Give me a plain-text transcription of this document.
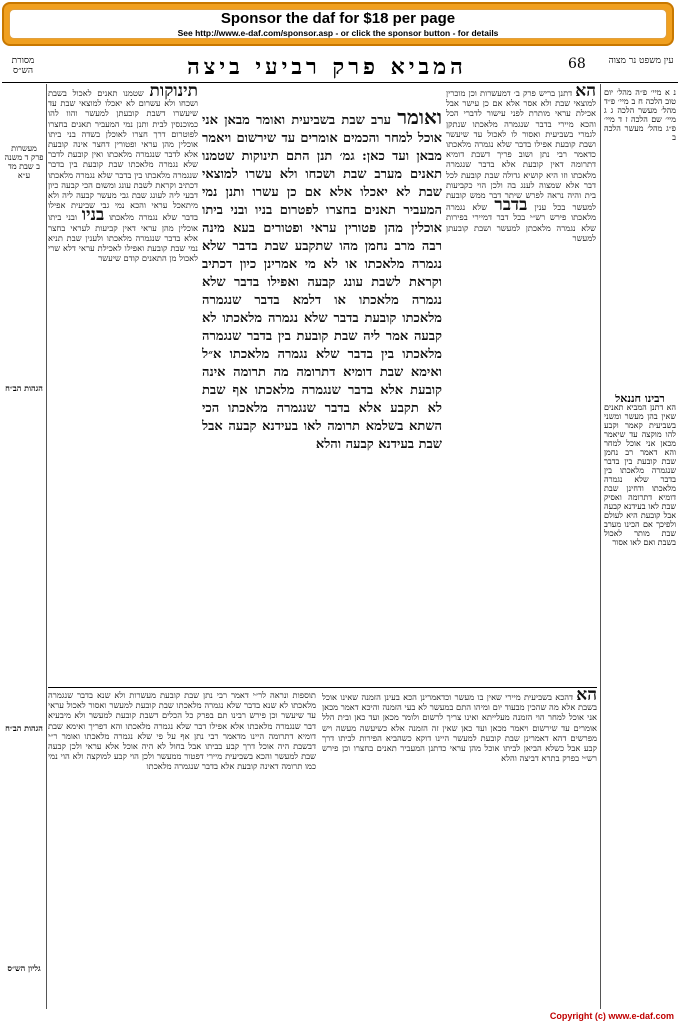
Sponsor the daf for $18 per page
See http://www.e-daf.com/sponsor.asp - or click the sponsor button - for details
מסורת הש״ס	המביא פרק רביעי ביצה	68	עין משפט נר מצוה
מעשרות פרק ד משנה ב שבת מד ע״א
הגהות הב״ח
הגהות הב״ח
גליון הש״ס
תינוקות שטמנו תאנים לאכול בשבת ושכחו ולא עשרום לא יאכלו למוצאי שבת עד שיעשרו דשבת קובעתן למעשר והוו להו כמוכנסין לבית ותנן נמי המעביר תאנים בחצרו לפוטרום דרך חצרו לאוכלן בשדה בני ביתו אוכלין מהן עראי ופטורין דחצר אינה קובעת אלא לדבר שנגמרה מלאכתו ואין קובעת לדבר שלא נגמרה מלאכתו שבת קובעת בין בדבר שנגמרה מלאכתו בין בדבר שלא נגמרה מלאכתו דכתיב וקראת לשבת עונג ומשום הכי קבעה כיון דבעי ליה לעונג שבת גבי מעשר קבעה ליה ולא מיתאכל עראי והכא נמי גבי שביעית אפילו בדבר שלא נגמרה מלאכתו בניו ובני ביתו אוכלין מהן עראי דאין קביעות לעראי בחצר אלא בדבר שנגמרה מלאכתו ולענין שבת תניא נמי שבת קובעת ואפילו לאכילת עראי דלא שרי לאכול מן התאנים קודם שיעשר
ואומר ערב שבת בשביעית ואומר מבאן אני אוכל למחר והכמים אומרים עד שירשום ויאמר מבאן ועד כאן: גמ׳ תנן התם תינוקות שטמנו תאנים מערב שבת ושכחו ולא עשרו למוצאי שבת לא יאכלו אלא אם כן עשרו ותנן נמי המעביר תאנים בחצרו לפטרום בניו ובני ביתו אוכלין מהן פטורין עראי ופטורים בעא מינה רבה מרב נחמן מהו שתקבע שבת בדבר שלא נגמרה מלאכתו או לא מי אמרינן כיון דכתיב וקראת לשבת עונג קבעה ואפילו בדבר שלא נגמרה מלאכתו או דלמא בדבר שנגמרה מלאכתו קובעת בדבר שלא נגמרה מלאכתו לא קבעה אמר ליה שבת קובעת בין בדבר שנגמרה מלאכתו בין בדבר שלא נגמרה מלאכתו א״ל ואימא שבת דומיא דתרומה מה תרומה אינה קובעת אלא בדבר שנגמרה מלאכתו אף שבת לא תקבע אלא בדבר שנגמרה מלאכתו הכי השתא בשלמא תרומה לאו בעידנא קבעה אבל שבת בעידנא קבעה והלא
הא דתנן בריש פרק ב׳ דמעשרות וכן מוכרין למוצאי שבת ולא אסר אלא אם כן עישר אבל אכילת עראי מותרת לפני עישור לדברי הכל והכא מיירי בדבר שנגמרה מלאכתו שנתקן לגמרי בשביעית ואסור לו לאכול עד שיעשר ושבת קובעת אפילו בדבר שלא נגמרה מלאכתו כדאמר רבי נתן ושוב פריך דשבת דומיא דתרומה דאין קובעת אלא בדבר שנגמרה מלאכתו וזו היא קושיא גדולה שבת קובעת לכל דבר אלא שמצוה לענג בה ולכן הוי כקביעות בית והיה נראה לפרש שיתר דבר ממש קובעת למעשר בכל ענין בדבר שלא נגמרה מלאכתו פירש רש״י בכל דבר דמיירי בפירות שלא נגמרה מלאכתן למעשר ושבת קובעתן למעשר
תוספות ונראה לר״י דאמר רבי נתן שבת קובעת מעשרות ולא שנא בדבר שנגמרה מלאכתו לא שנא בדבר שלא נגמרה מלאכתו שבת קובעת למעשר ואסור לאכול עראי עד שיעשר וכן פירש רבינו תם בפרק כל הכלים דשבת קובעת למעשר ולא מיבעיא דבר שנגמרה מלאכתו אלא אפילו דבר שלא נגמרה מלאכתו והא דפריך ואימא שבת דומיא דתרומה היינו מדאמר רבי נתן אף על פי שלא נגמרה מלאכתו ואומר ר״י דבשבת היה אוכל דרך קבע בביתו אבל בחול לא היה אוכל אלא עראי ולכן קבעה שבת למעשר והכא בשביעית מיירי דפטור ממעשר ולכן הוי קבע למוקצה ולא הוי נמי כמו תרומה דאינה קובעת אלא בדבר שנגמרה מלאכתו
הא דהכא בשביעית מיירי שאין בו מעשר וכדאמרינן הכא בעינן הזמנה שאינו אוכל בשבת אלא מה שהכין מבעוד יום ומיהו התם במעשר לא בעי הזמנה והיכא דאמר מכאן אני אוכל למחר הוי הזמנה מעלייתא ואינו צריך לרשום ולומר מכאן ועד כאן ובית הלל אומרים עד שירשום ויאמר מכאן ועד כאן שאין זה הזמנה אלא כשיעשה מעשה ויש מפרשים דהא דאמרינן שבת קובעת למעשר היינו דוקא כשהביא הפירות לביתו דרך קבע אבל כשלא הביאן לביתו אוכל מהן עראי כדתנן המעביר תאנים בחצרו וכן פירש רש״י בפרק בתרא דביצה והלא
נ א מיי׳ פ״ה מהל׳ יום טוב הלכה ח ב מיי׳ פ״ד מהל׳ מעשר הלכה ג ג מיי׳ שם הלכה ז ד מיי׳ פ״ג מהל׳ מעשר הלכה ב
רבינו חננאל
הא דתנן המביא תאנים שאין בהן מעשר ומשני בשביעית קאמר וקבע להו מוקצה עד שיאמר מכאן אני אוכל למחר והא דאמר רב נחמן שבת קובעת בין בדבר שנגמרה מלאכתו בין בדבר שלא נגמרה מלאכתו ודחינן שבת דומיא דתרומה ואסיק שבת לאו בעידנא קבעה אבל קובעת היא לעולם ולפיכך אם הכינו מערב שבת מותר לאכול בשבת ואם לאו אסור
Copyright (c) www.e-daf.com
